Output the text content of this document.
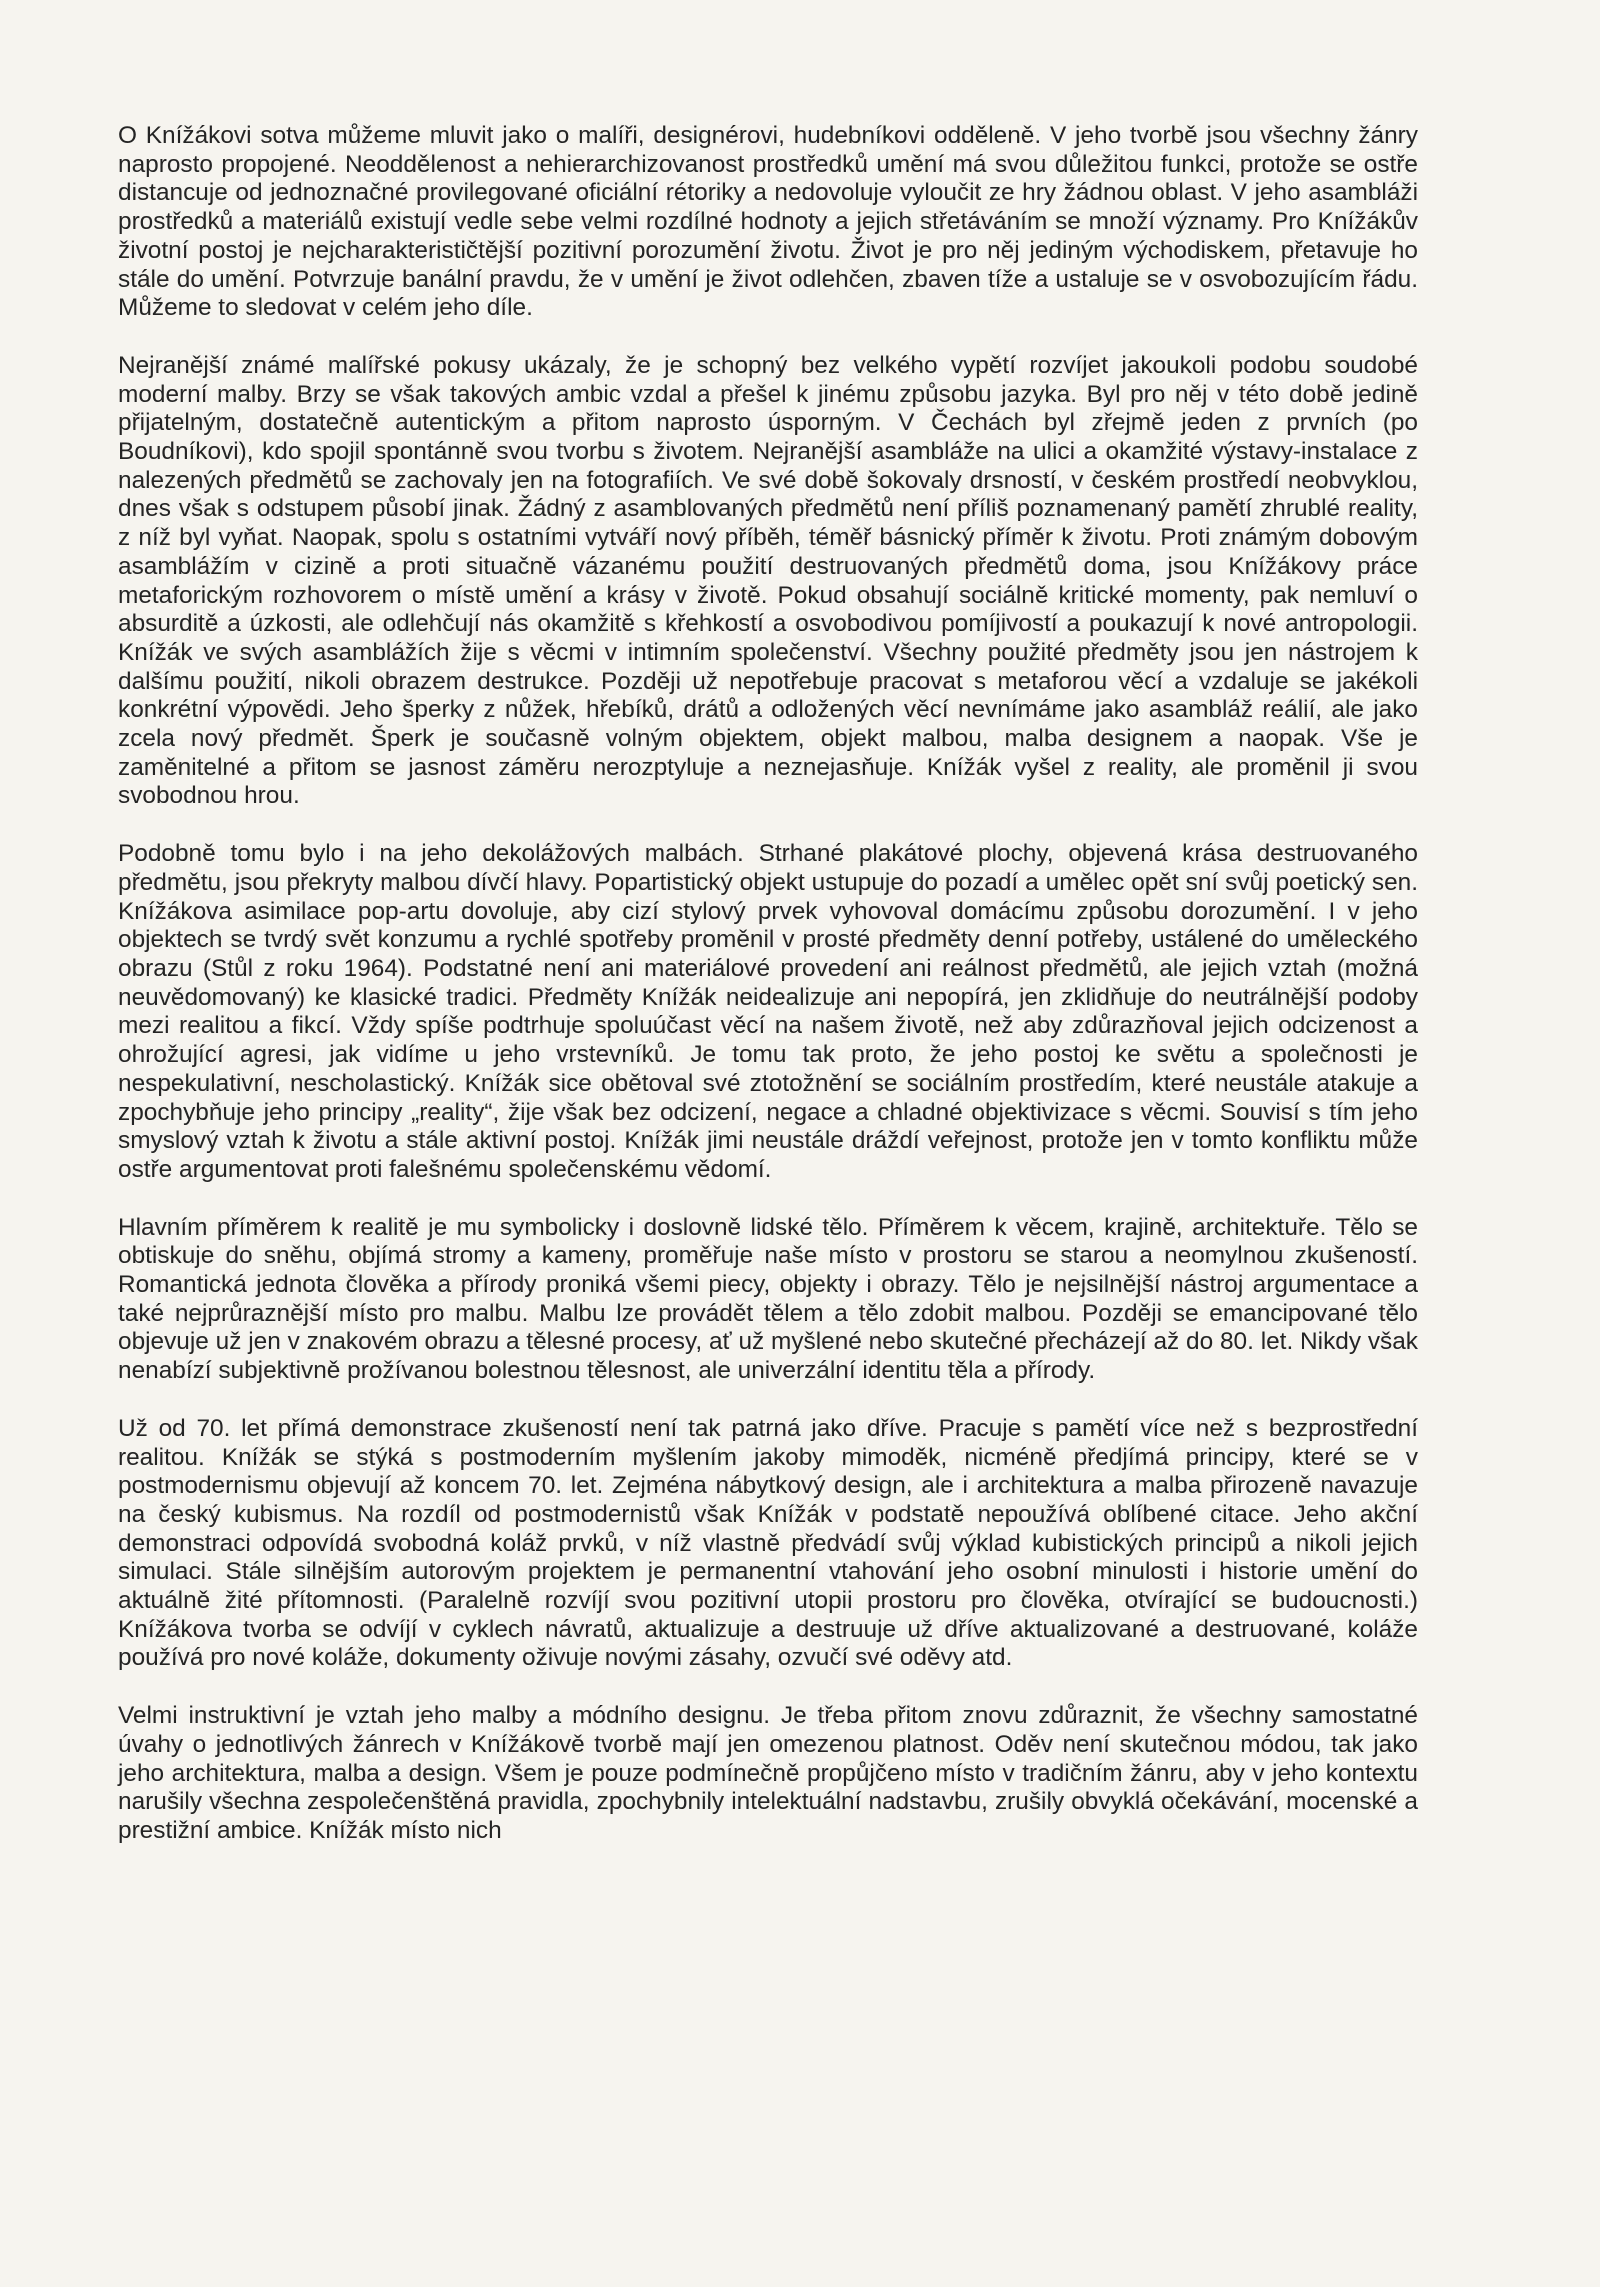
O Knížákovi sotva můžeme mluvit jako o malíři, designérovi, hudebníkovi odděleně. V jeho tvorbě jsou všechny žánry naprosto propojené. Neoddělenost a nehierarchizovanost prostředků umění má svou důležitou funkci, protože se ostře distancuje od jednoznačné provilegované oficiální rétoriky a nedovoluje vyloučit ze hry žádnou oblast. V jeho asambláži prostředků a materiálů existují vedle sebe velmi rozdílné hodnoty a jejich střetáváním se množí významy. Pro Knížákův životní postoj je nejcharakterističtější pozitivní porozumění životu. Život je pro něj jediným východiskem, přetavuje ho stále do umění. Potvrzuje banální pravdu, že v umění je život odlehčen, zbaven tíže a ustaluje se v osvobozujícím řádu. Můžeme to sledovat v celém jeho díle.

Nejranější známé malířské pokusy ukázaly, že je schopný bez velkého vypětí rozvíjet jakoukoli podobu soudobé moderní malby. Brzy se však takových ambic vzdal a přešel k jinému způsobu jazyka. Byl pro něj v této době jedině přijatelným, dostatečně autentickým a přitom naprosto úsporným. V Čechách byl zřejmě jeden z prvních (po Boudníkovi), kdo spojil spontánně svou tvorbu s životem. Nejranější asambláže na ulici a okamžité výstavy-instalace z nalezených předmětů se zachovaly jen na fotografiích. Ve své době šokovaly drsností, v českém prostředí neobvyklou, dnes však s odstupem působí jinak. Žádný z asamblovaných předmětů není příliš poznamenaný pamětí zhrublé reality, z níž byl vyňat. Naopak, spolu s ostatními vytváří nový příběh, téměř básnický příměr k životu. Proti známým dobovým asamblážím v cizině a proti situačně vázanému použití destruovaných předmětů doma, jsou Knížákovy práce metaforickým rozhovorem o místě umění a krásy v životě. Pokud obsahují sociálně kritické momenty, pak nemluví o absurditě a úzkosti, ale odlehčují nás okamžitě s křehkostí a osvobodivou pomíjivostí a poukazují k nové antropologii. Knížák ve svých asamblážích žije s věcmi v intimním společenství. Všechny použité předměty jsou jen nástrojem k dalšímu použití, nikoli obrazem destrukce. Později už nepotřebuje pracovat s metaforou věcí a vzdaluje se jakékoli konkrétní výpovědi. Jeho šperky z nůžek, hřebíků, drátů a odložených věcí nevnímáme jako asambláž reálií, ale jako zcela nový předmět. Šperk je současně volným objektem, objekt malbou, malba designem a naopak. Vše je zaměnitelné a přitom se jasnost záměru nerozptyluje a neznejasňuje. Knížák vyšel z reality, ale proměnil ji svou svobodnou hrou.

Podobně tomu bylo i na jeho dekolážových malbách. Strhané plakátové plochy, objevená krása destruovaného předmětu, jsou překryty malbou dívčí hlavy. Popartistický objekt ustupuje do pozadí a umělec opět sní svůj poetický sen. Knížákova asimilace pop-artu dovoluje, aby cizí stylový prvek vyhovoval domácímu způsobu dorozumění. I v jeho objektech se tvrdý svět konzumu a rychlé spotřeby proměnil v prosté předměty denní potřeby, ustálené do uměleckého obrazu (Stůl z roku 1964). Podstatné není ani materiálové provedení ani reálnost předmětů, ale jejich vztah (možná neuvědomovaný) ke klasické tradici. Předměty Knížák neidealizuje ani nepopírá, jen zklidňuje do neutrálnější podoby mezi realitou a fikcí. Vždy spíše podtrhuje spoluúčast věcí na našem životě, než aby zdůrazňoval jejich odcizenost a ohrožující agresi, jak vidíme u jeho vrstevníků. Je tomu tak proto, že jeho postoj ke světu a společnosti je nespekulativní, nescholastický. Knížák sice obětoval své ztotožnění se sociálním prostředím, které neustále atakuje a zpochybňuje jeho principy „reality“, žije však bez odcizení, negace a chladné objektivizace s věcmi. Souvisí s tím jeho smyslový vztah k životu a stále aktivní postoj. Knížák jimi neustále dráždí veřejnost, protože jen v tomto konfliktu může ostře argumentovat proti falešnému společenskému vědomí.

Hlavním příměrem k realitě je mu symbolicky i doslovně lidské tělo. Příměrem k věcem, krajině, architektuře. Tělo se obtiskuje do sněhu, objímá stromy a kameny, proměřuje naše místo v prostoru se starou a neomylnou zkušeností. Romantická jednota člověka a přírody proniká všemi piecy, objekty i obrazy. Tělo je nejsilnější nástroj argumentace a také nejprůraznější místo pro malbu. Malbu lze provádět tělem a tělo zdobit malbou. Později se emancipované tělo objevuje už jen v znakovém obrazu a tělesné procesy, ať už myšlené nebo skutečné přecházejí až do 80. let. Nikdy však nenabízí subjektivně prožívanou bolestnou tělesnost, ale univerzální identitu těla a přírody.

Už od 70. let přímá demonstrace zkušeností není tak patrná jako dříve. Pracuje s pamětí více než s bezprostřední realitou. Knížák se stýká s postmoderním myšlením jakoby mimoděk, nicméně předjímá principy, které se v postmodernismu objevují až koncem 70. let. Zejména nábytkový design, ale i architektura a malba přirozeně navazuje na český kubismus. Na rozdíl od postmodernistů však Knížák v podstatě nepoužívá oblíbené citace. Jeho akční demonstraci odpovídá svobodná koláž prvků, v níž vlastně předvádí svůj výklad kubistických principů a nikoli jejich simulaci. Stále silnějším autorovým projektem je permanentní vtahování jeho osobní minulosti i historie umění do aktuálně žité přítomnosti. (Paralelně rozvíjí svou pozitivní utopii prostoru pro člověka, otvírající se budoucnosti.) Knížákova tvorba se odvíjí v cyklech návratů, aktualizuje a destruuje už dříve aktualizované a destruované, koláže používá pro nové koláže, dokumenty oživuje novými zásahy, ozvučí své oděvy atd.

Velmi instruktivní je vztah jeho malby a módního designu. Je třeba přitom znovu zdůraznit, že všechny samostatné úvahy o jednotlivých žánrech v Knížákově tvorbě mají jen omezenou platnost. Oděv není skutečnou módou, tak jako jeho architektura, malba a design. Všem je pouze podmínečně propůjčeno místo v tradičním žánru, aby v jeho kontextu narušily všechna zespolečenštěná pravidla, zpochybnily intelektuální nadstavbu, zrušily obvyklá očekávání, mocenské a prestižní ambice. Knížák místo nich
